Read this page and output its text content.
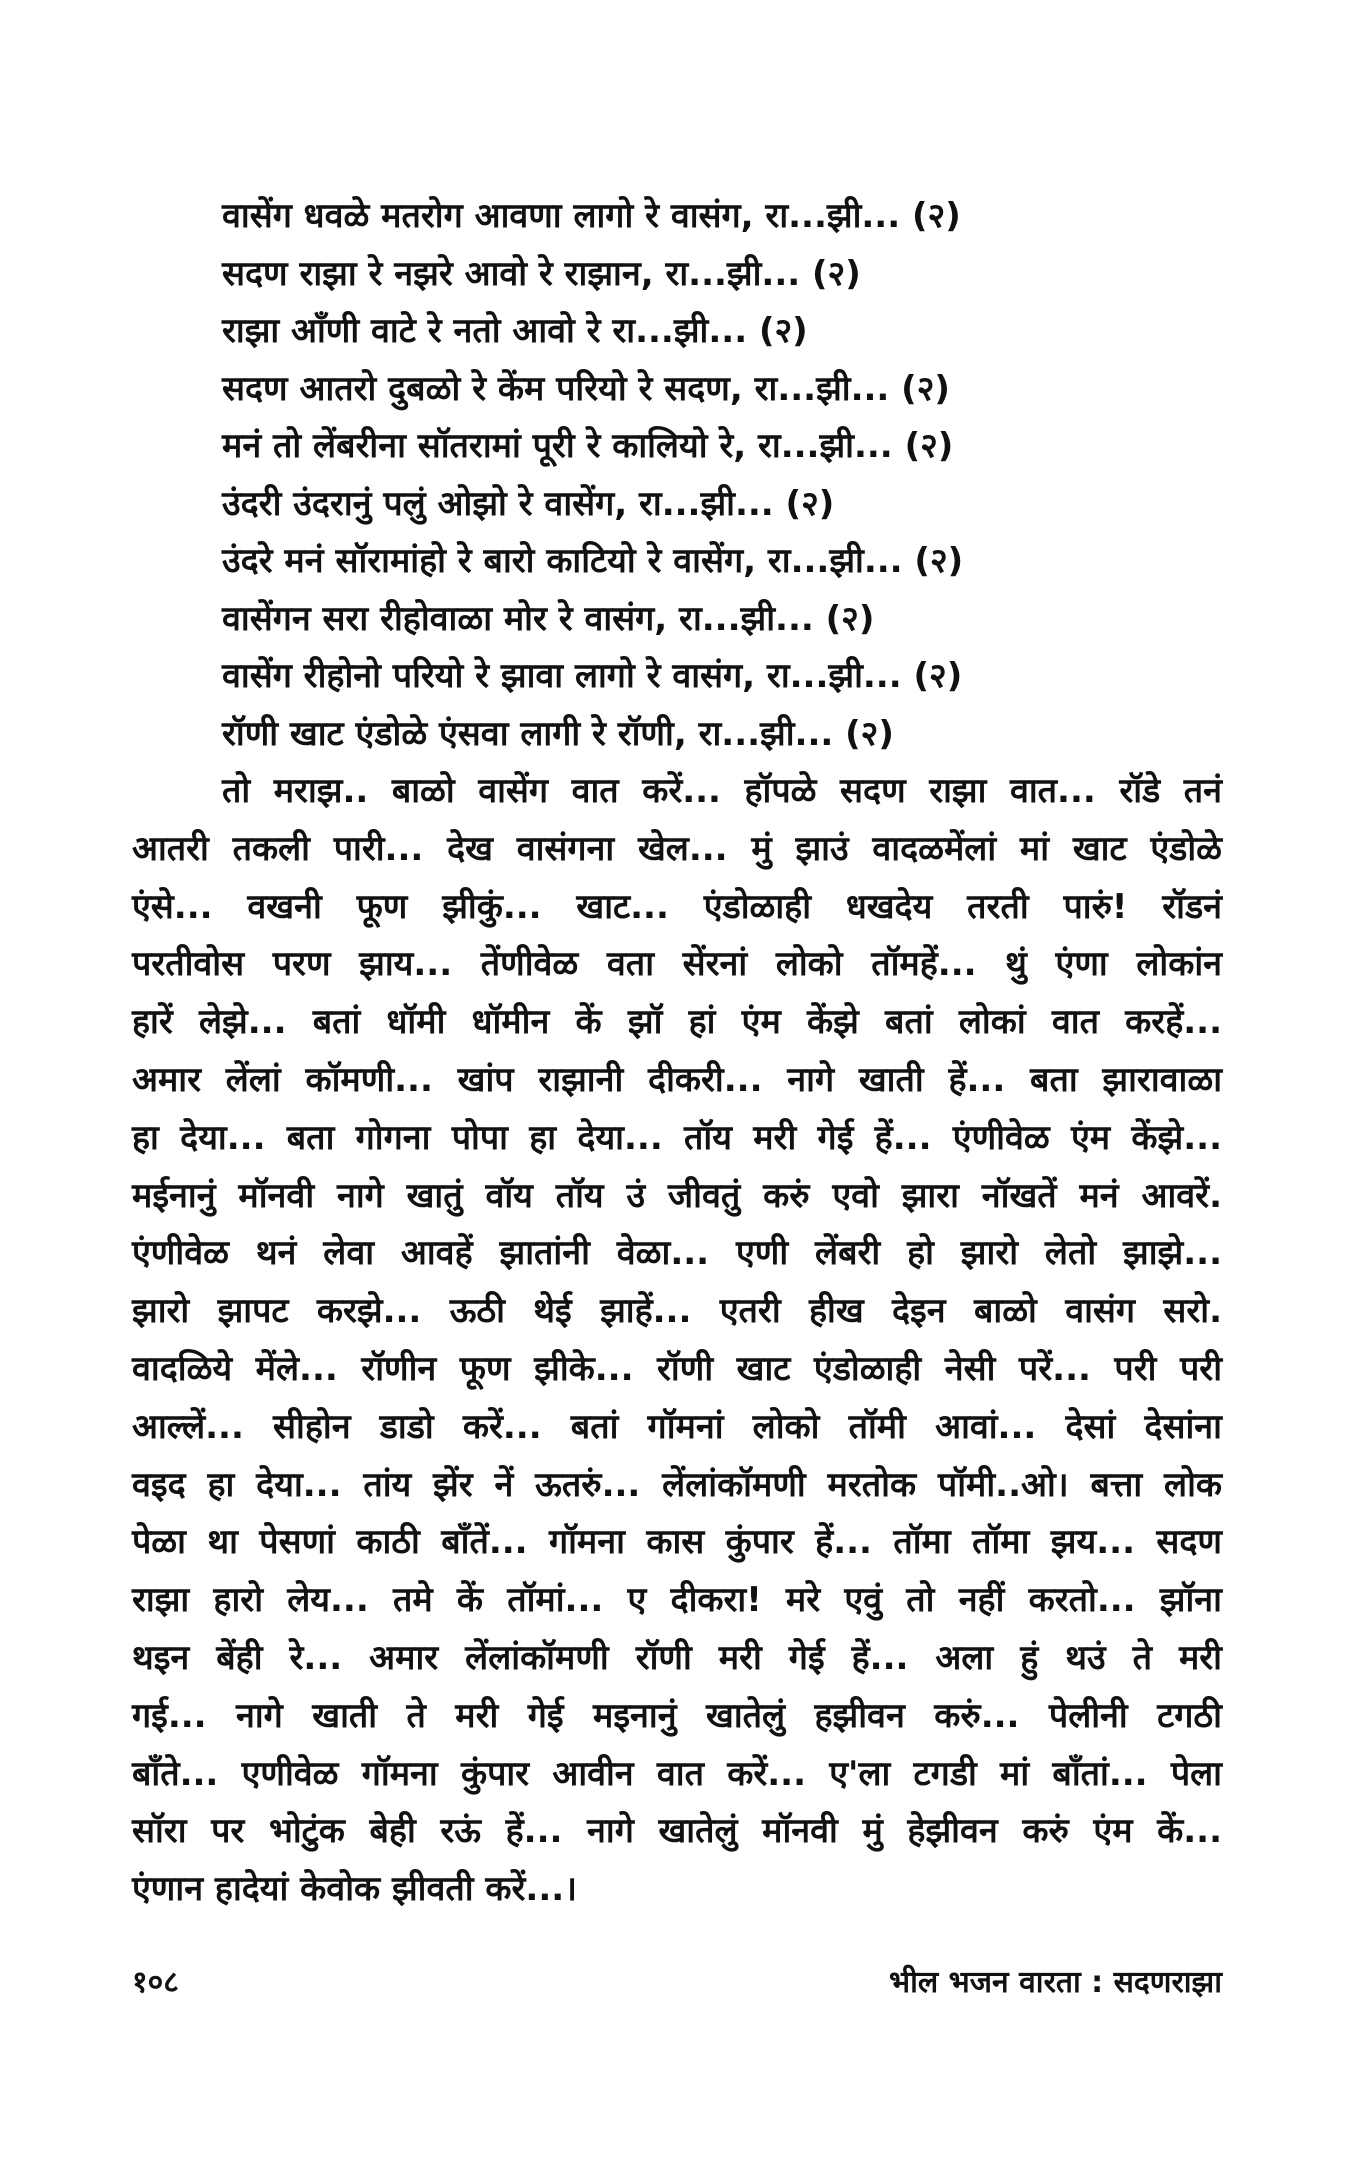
वासेंग धवळे मतरोग आवणा लागो रे वासंग, रा...झी... (२)
सदण राझा रे नझरे आवो रे राझान, रा...झी... (२)
राझा ऑंणी वाटे रे नतो आवो रे रा...झी... (२)
सदण आतरो दुबळो रे केंम परियो रे सदण, रा...झी... (२)
मनं तो लेंबरीना सॉतरामां पूरी रे कालियो रे, रा...झी... (२)
उंदरी उंदरानुं पलुं ओझो रे वासेंग, रा...झी... (२)
उंदरे मनं सॉरामांहो रे बारो काटियो रे वासेंग, रा...झी... (२)
वासेंगन सरा रीहोवाळा मोर रे वासंग, रा...झी... (२)
वासेंग रीहोनो परियो रे झावा लागो रे वासंग, रा...झी... (२)
रॉणी खाट एंडोळे एंसवा लागी रे रॉणी, रा...झी... (२)
तो मराझ.. बाळो वासेंग वात करें... हॉपळे सदण राझा वात... रॉडे तनं
आतरी तकली पारी... देख वासंगना खेल... मुं झाउं वादळमेंलां मां खाट एंडोळे
एंसे... वखनी फूण झीकुं... खाट... एंडोळाही धखदेय तरती पारुं! रॉडनं
परतीवोस परण झाय... तेंणीवेळ वता सेंरनां लोको तॉमहें... थुं एंणा लोकांन
हारें लेझे... बतां धॉमी धॉमीन कें झॉ हां एंम केंझे बतां लोकां वात करहें...
अमार लेंलां कॉमणी... खांप राझानी दीकरी... नागे खाती हें... बता झारावाळा
हा देया... बता गोगना पोपा हा देया... तॉय मरी गेई हें... एंणीवेळ एंम केंझे...
मईनानुं मॉनवी नागे खातुं वॉय तॉय उं जीवतुं करुं एवो झारा नॉखतें मनं आवरें.
एंणीवेळ थनं लेवा आवहें झातांनी वेळा... एणी लेंबरी हो झारो लेतो झाझे...
झारो झापट करझे... ऊठी थेई झाहें... एतरी हीख देइन बाळो वासंग सरो.
वादळिये मेंले... रॉणीन फूण झीके... रॉणी खाट एंडोळाही नेसी परें... परी परी
आल्लें... सीहोन डाडो करें... बतां गॉमनां लोको तॉमी आवां... देसां देसांना
वइद हा देया... तांय झेंर नें ऊतरुं... लेंलांकॉमणी मरतोक पॉमी..ओ। बत्ता लोक
पेळा था पेसणां काठी बाँतें... गॉमना कास कुंपार हें... तॉमा तॉमा झय... सदण
राझा हारो लेय... तमे कें तॉमां... ए दीकरा! मरे एवुं तो नहीं करतो... झॉना
थइन बेंही रे... अमार लेंलांकॉमणी रॉणी मरी गेई हें... अला हुं थउं ते मरी
गई... नागे खाती ते मरी गेई मइनानुं खातेलुं हझीवन करुं... पेलीनी टगठी
बाँते... एणीवेळ गॉमना कुंपार आवीन वात करें... ए'ला टगडी मां बाँतां... पेला
सॉरा पर भोटुंक बेही रऊं हें... नागे खातेलुं मॉनवी मुं हेझीवन करुं एंम कें...
एंणान हादेयां केवोक झीवती करें...।
१०८	भील भजन वारता : सदणराझा
